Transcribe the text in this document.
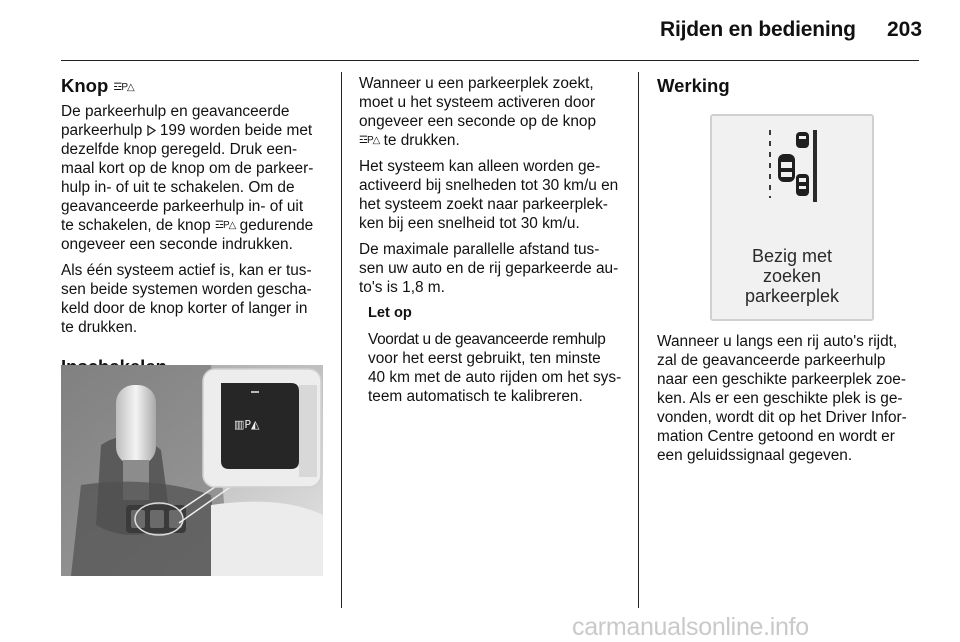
Rijden en bediening 203
Knop ☲P△

De parkeerhulp en geavanceerde
parkeerhulp 199 worden beide met
dezelfde knop geregeld. Druk een-
maal kort op de knop om de parkeer-
hulp in- of uit te schakelen. Om de
geavanceerde parkeerhulp in- of uit
te schakelen, de knop ☲P△ gedurende
ongeveer een seconde indrukken.

Als één systeem actief is, kan er tus-
sen beide systemen worden gescha-
keld door de knop korter of langer in
te drukken.

▥P◭

Wanneer u een parkeerplek zoekt,
moet u het systeem activeren door
ongeveer een seconde op de knop
☲P△ te drukken.

Het systeem kan alleen worden ge-
activeerd bij snelheden tot 30 km/u en
het systeem zoekt naar parkeerplek-
ken bij een snelheid tot 30 km/u.

De maximale parallelle afstand tus-
sen uw auto en de rij geparkeerde au-
to's is 1,8 m.

Let op

Voordat u de geavanceerde remhulp
voor het eerst gebruikt, ten minste
40 km met de auto rijden om het sys-
teem automatisch te kalibreren.

Werking
Bezig met
zoeken
parkeerplek

Wanneer u langs een rij auto's rijdt,
zal de geavanceerde parkeerhulp
naar een geschikte parkeerplek zoe-
ken. Als er een geschikte plek is ge-
vonden, wordt dit op het Driver Infor-
mation Centre getoond en wordt er
een geluidssignaal gegeven.

carmanualsonline.info
